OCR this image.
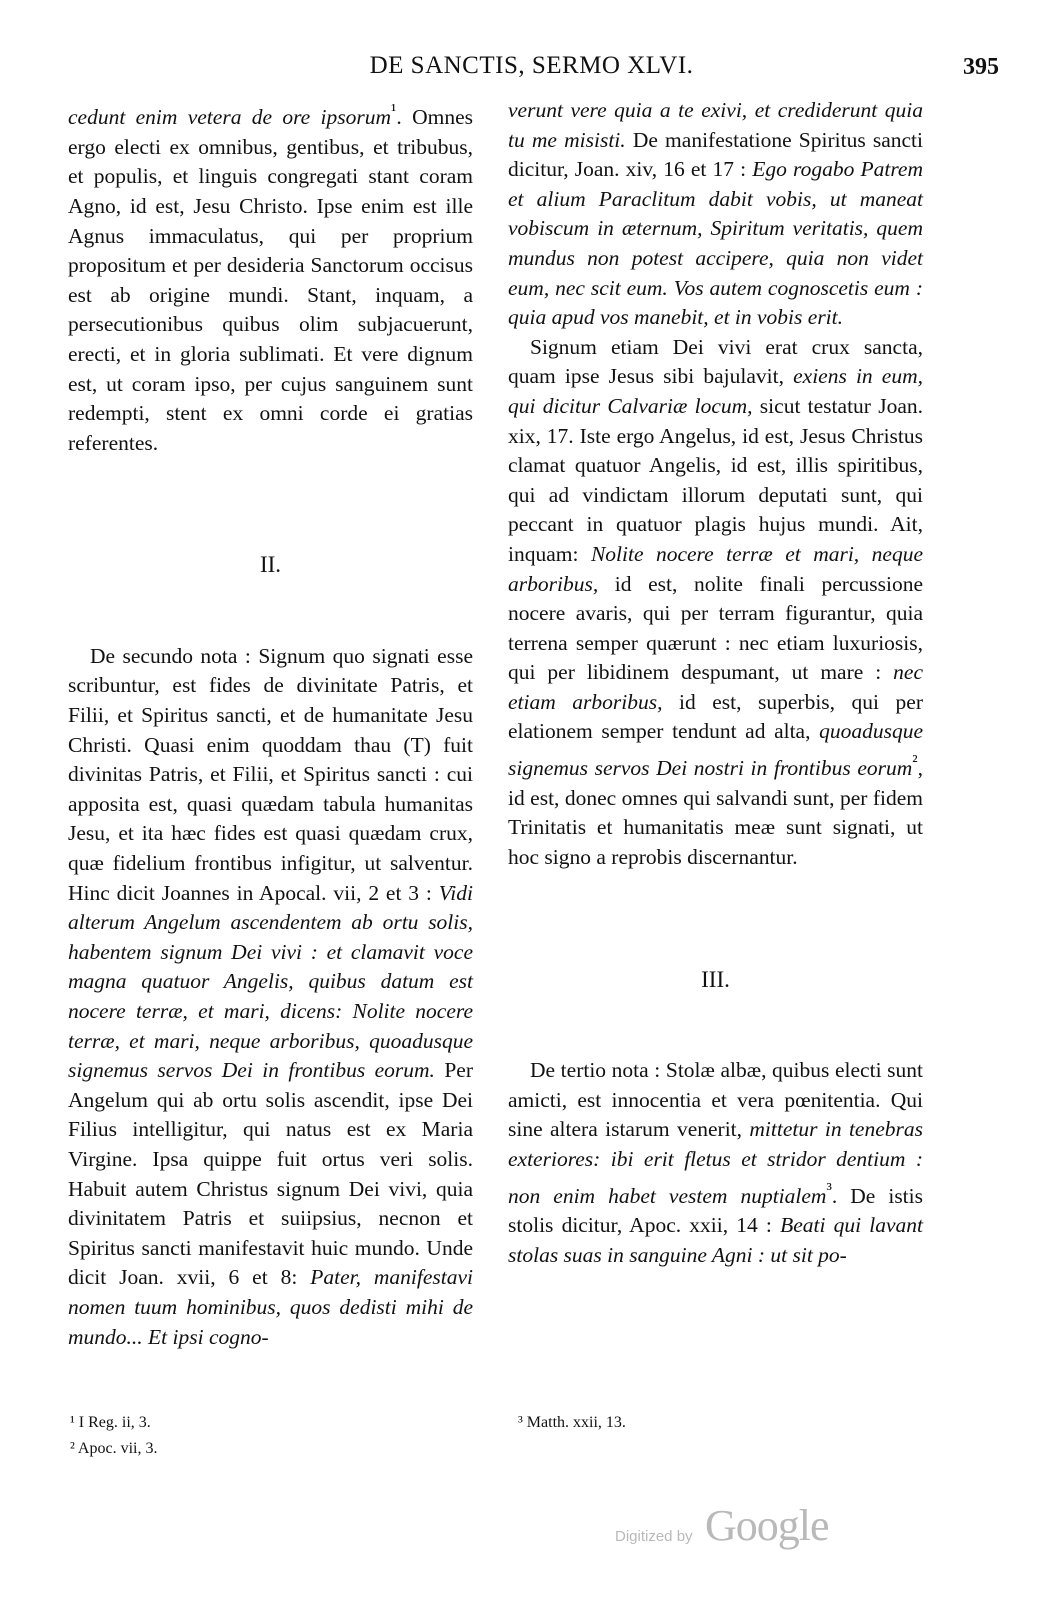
DE SANCTIS, SERMO XLVI.	395

cedunt enim vetera de ore ipsorum$^{^1}$. Omnes ergo electi ex omnibus, gentibus, et tribubus, et populis, et linguis congregati stant coram Agno, id est, Jesu Christo. Ipse enim est ille Agnus immaculatus, qui per proprium propositum et per desideria Sanctorum occisus est ab origine mundi. Stant, inquam, a persecutionibus quibus olim subjacuerunt, erecti, et in gloria sublimati. Et vere dignum est, ut coram ipso, per cujus sanguinem sunt redempti, stent ex omni corde ei gratias referentes.

II.

De secundo nota : Signum quo signati esse scribuntur, est fides de divinitate Patris, et Filii, et Spiritus sancti, et de humanitate Jesu Christi. Quasi enim quoddam thau (T) fuit divinitas Patris, et Filii, et Spiritus sancti : cui apposita est, quasi quædam tabula humanitas Jesu, et ita hæc fides est quasi quædam crux, quæ fidelium frontibus infigitur, ut salventur. Hinc dicit Joannes in Apocal. vii, 2 et 3 : Vidi alterum Angelum ascendentem ab ortu solis, habentem signum Dei vivi : et clamavit voce magna quatuor Angelis, quibus datum est nocere terræ, et mari, dicens: Nolite nocere terræ, et mari, neque arboribus, quoadusque signemus servos Dei in frontibus eorum. Per Angelum qui ab ortu solis ascendit, ipse Dei Filius intelligitur, qui natus est ex Maria Virgine. Ipsa quippe fuit ortus veri solis. Habuit autem Christus signum Dei vivi, quia divinitatem Patris et suiipsius, necnon et Spiritus sancti manifestavit huic mundo. Unde dicit Joan. xvii, 6 et 8: Pater, manifestavi nomen tuum hominibus, quos dedisti mihi de mundo... Et ipsi cogno-

verunt vere quia a te exivi, et crediderunt quia tu me misisti. De manifestatione Spiritus sancti dicitur, Joan. xiv, 16 et 17 : Ego rogabo Patrem et alium Paraclitum dabit vobis, ut maneat vobiscum in æternum, Spiritum veritatis, quem mundus non potest accipere, quia non videt eum, nec scit eum. Vos autem cognoscetis eum : quia apud vos manebit, et in vobis erit.

Signum etiam Dei vivi erat crux sancta, quam ipse Jesus sibi bajulavit, exiens in eum, qui dicitur Calvariæ locum, sicut testatur Joan. xix, 17. Iste ergo Angelus, id est, Jesus Christus clamat quatuor Angelis, id est, illis spiritibus, qui ad vindictam illorum deputati sunt, qui peccant in quatuor plagis hujus mundi. Ait, inquam: Nolite nocere terræ et mari, neque arboribus, id est, nolite finali percussione nocere avaris, qui per terram figurantur, quia terrena semper quærunt : nec etiam luxuriosis, qui per libidinem despumant, ut mare : nec etiam arboribus, id est, superbis, qui per elationem semper tendunt ad alta, quoadusque signemus servos Dei nostri in frontibus eorum$^{^2}$, id est, donec omnes qui salvandi sunt, per fidem Trinitatis et humanitatis meæ sunt signati, ut hoc signo a reprobis discernantur.

III.

De tertio nota : Stolæ albæ, quibus electi sunt amicti, est innocentia et vera pœnitentia. Qui sine altera istarum venerit, mittetur in tenebras exteriores: ibi erit fletus et stridor dentium : non enim habet vestem nuptialem$^{^3}$. De istis stolis dicitur, Apoc. xxii, 14 : Beati qui lavant stolas suas in sanguine Agni : ut sit po-

¹ I Reg. ii, 3.
² Apoc. vii, 3.
³ Matth. xxii, 13.
Digitized by Google
